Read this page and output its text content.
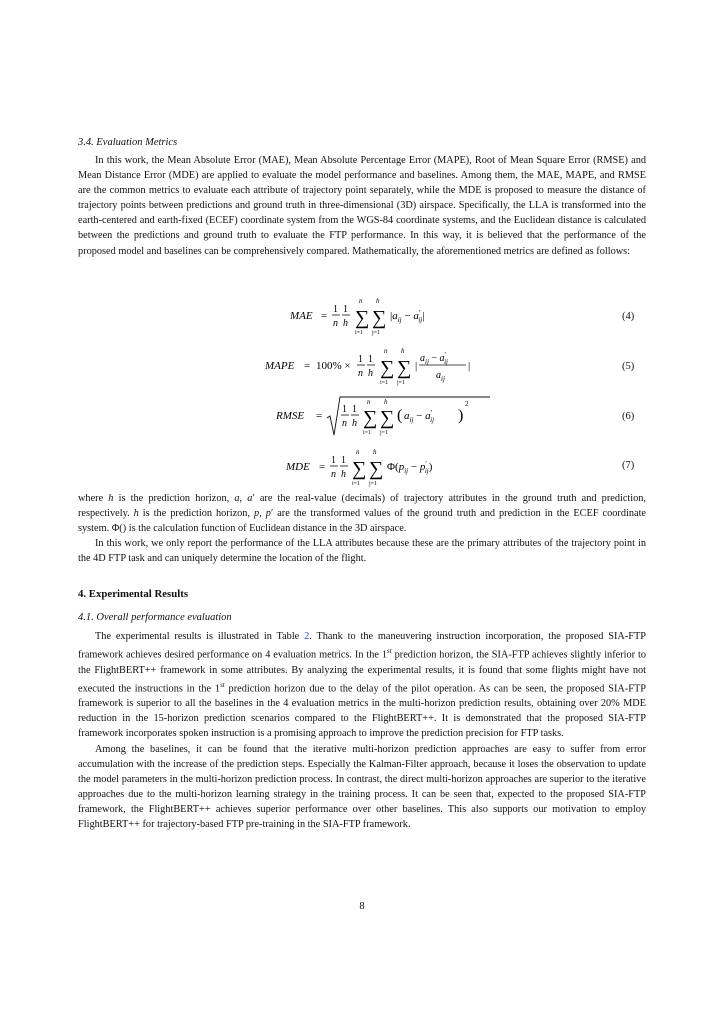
3.4. Evaluation Metrics

In this work, the Mean Absolute Error (MAE), Mean Absolute Percentage Error (MAPE), Root of Mean Square Error (RMSE) and Mean Distance Error (MDE) are applied to evaluate the model performance and baselines. Among them, the MAE, MAPE, and RMSE are the common metrics to evaluate each attribute of trajectory point separately, while the MDE is proposed to measure the distance of trajectory points between predictions and ground truth in three-dimensional (3D) airspace. Specifically, the LLA is transformed into the earth-centered and earth-fixed (ECEF) coordinate system from the WGS-84 coordinate systems, and the Euclidean distance is calculated between the predictions and ground truth to evaluate the FTP performance. In this way, it is believed that the performance of the proposed model and baselines can be comprehensively compared. Mathematically, the aforementioned metrics are defined as follows:

MAE =
1
n
1
h ∑
n
i=1
∑
h
j=1
$|a_{ij} - a'$ ij|	(4)
MAPE = 100% ×
1
n
1
h ∑
n
i=1
∑
h
j=1
|
$a_{ij} - a'$ ij
$a_{ij}$
|	(5)
RMSE =
1
n
1
h ∑
n
i=1
∑
h
j=1
( $a_{ij} - a'$ ij )
2
(6)
MDE =
1
n
1
h ∑
n
i=1
∑
h
j=1
$\Phi(p_{ij} - p'$ ij)	(7)

where h is the prediction horizon, a, a′ are the real-value (decimals) of trajectory attributes in the ground truth and prediction, respectively. h is the prediction horizon, p, p′ are the transformed values of the ground truth and prediction in the ECEF coordinate system. Φ() is the calculation function of Euclidean distance in the 3D airspace.

In this work, we only report the performance of the LLA attributes because these are the primary attributes of the trajectory point in the 4D FTP task and can uniquely determine the location of the flight.

4. Experimental Results
4.1. Overall performance evaluation

The experimental results is illustrated in Table 2. Thank to the maneuvering instruction incorporation, the proposed SIA-FTP framework achieves desired performance on 4 evaluation metrics. In the 1st prediction horizon, the SIA-FTP achieves slightly inferior to the FlightBERT++ framework in some attributes. By analyzing the experimental results, it is found that some flights might have not executed the instructions in the 1st prediction horizon due to the delay of the pilot operation. As can be seen, the proposed SIA-FTP framework is superior to all the baselines in the 4 evaluation metrics in the multi-horizon prediction results, obtaining over 20% MDE reduction in the 15-horizon prediction scenarios compared to the FlightBERT++. It is demonstrated that the proposed SIA-FTP framework incorporates spoken instruction is a promising approach to improve the prediction precision for FTP tasks.

Among the baselines, it can be found that the iterative multi-horizon prediction approaches are easy to suffer from error accumulation with the increase of the prediction steps. Especially the Kalman-Filter approach, because it loses the observation to update the model parameters in the multi-horizon prediction process. In contrast, the direct multi-horizon approaches are superior to the iterative approaches due to the multi-horizon learning strategy in the training process. It can be seen that, expected to the proposed SIA-FTP framework, the FlightBERT++ achieves superior performance over other baselines. This also supports our motivation to employ FlightBERT++ for trajectory-based FTP pre-training in the SIA-FTP framework.

8
